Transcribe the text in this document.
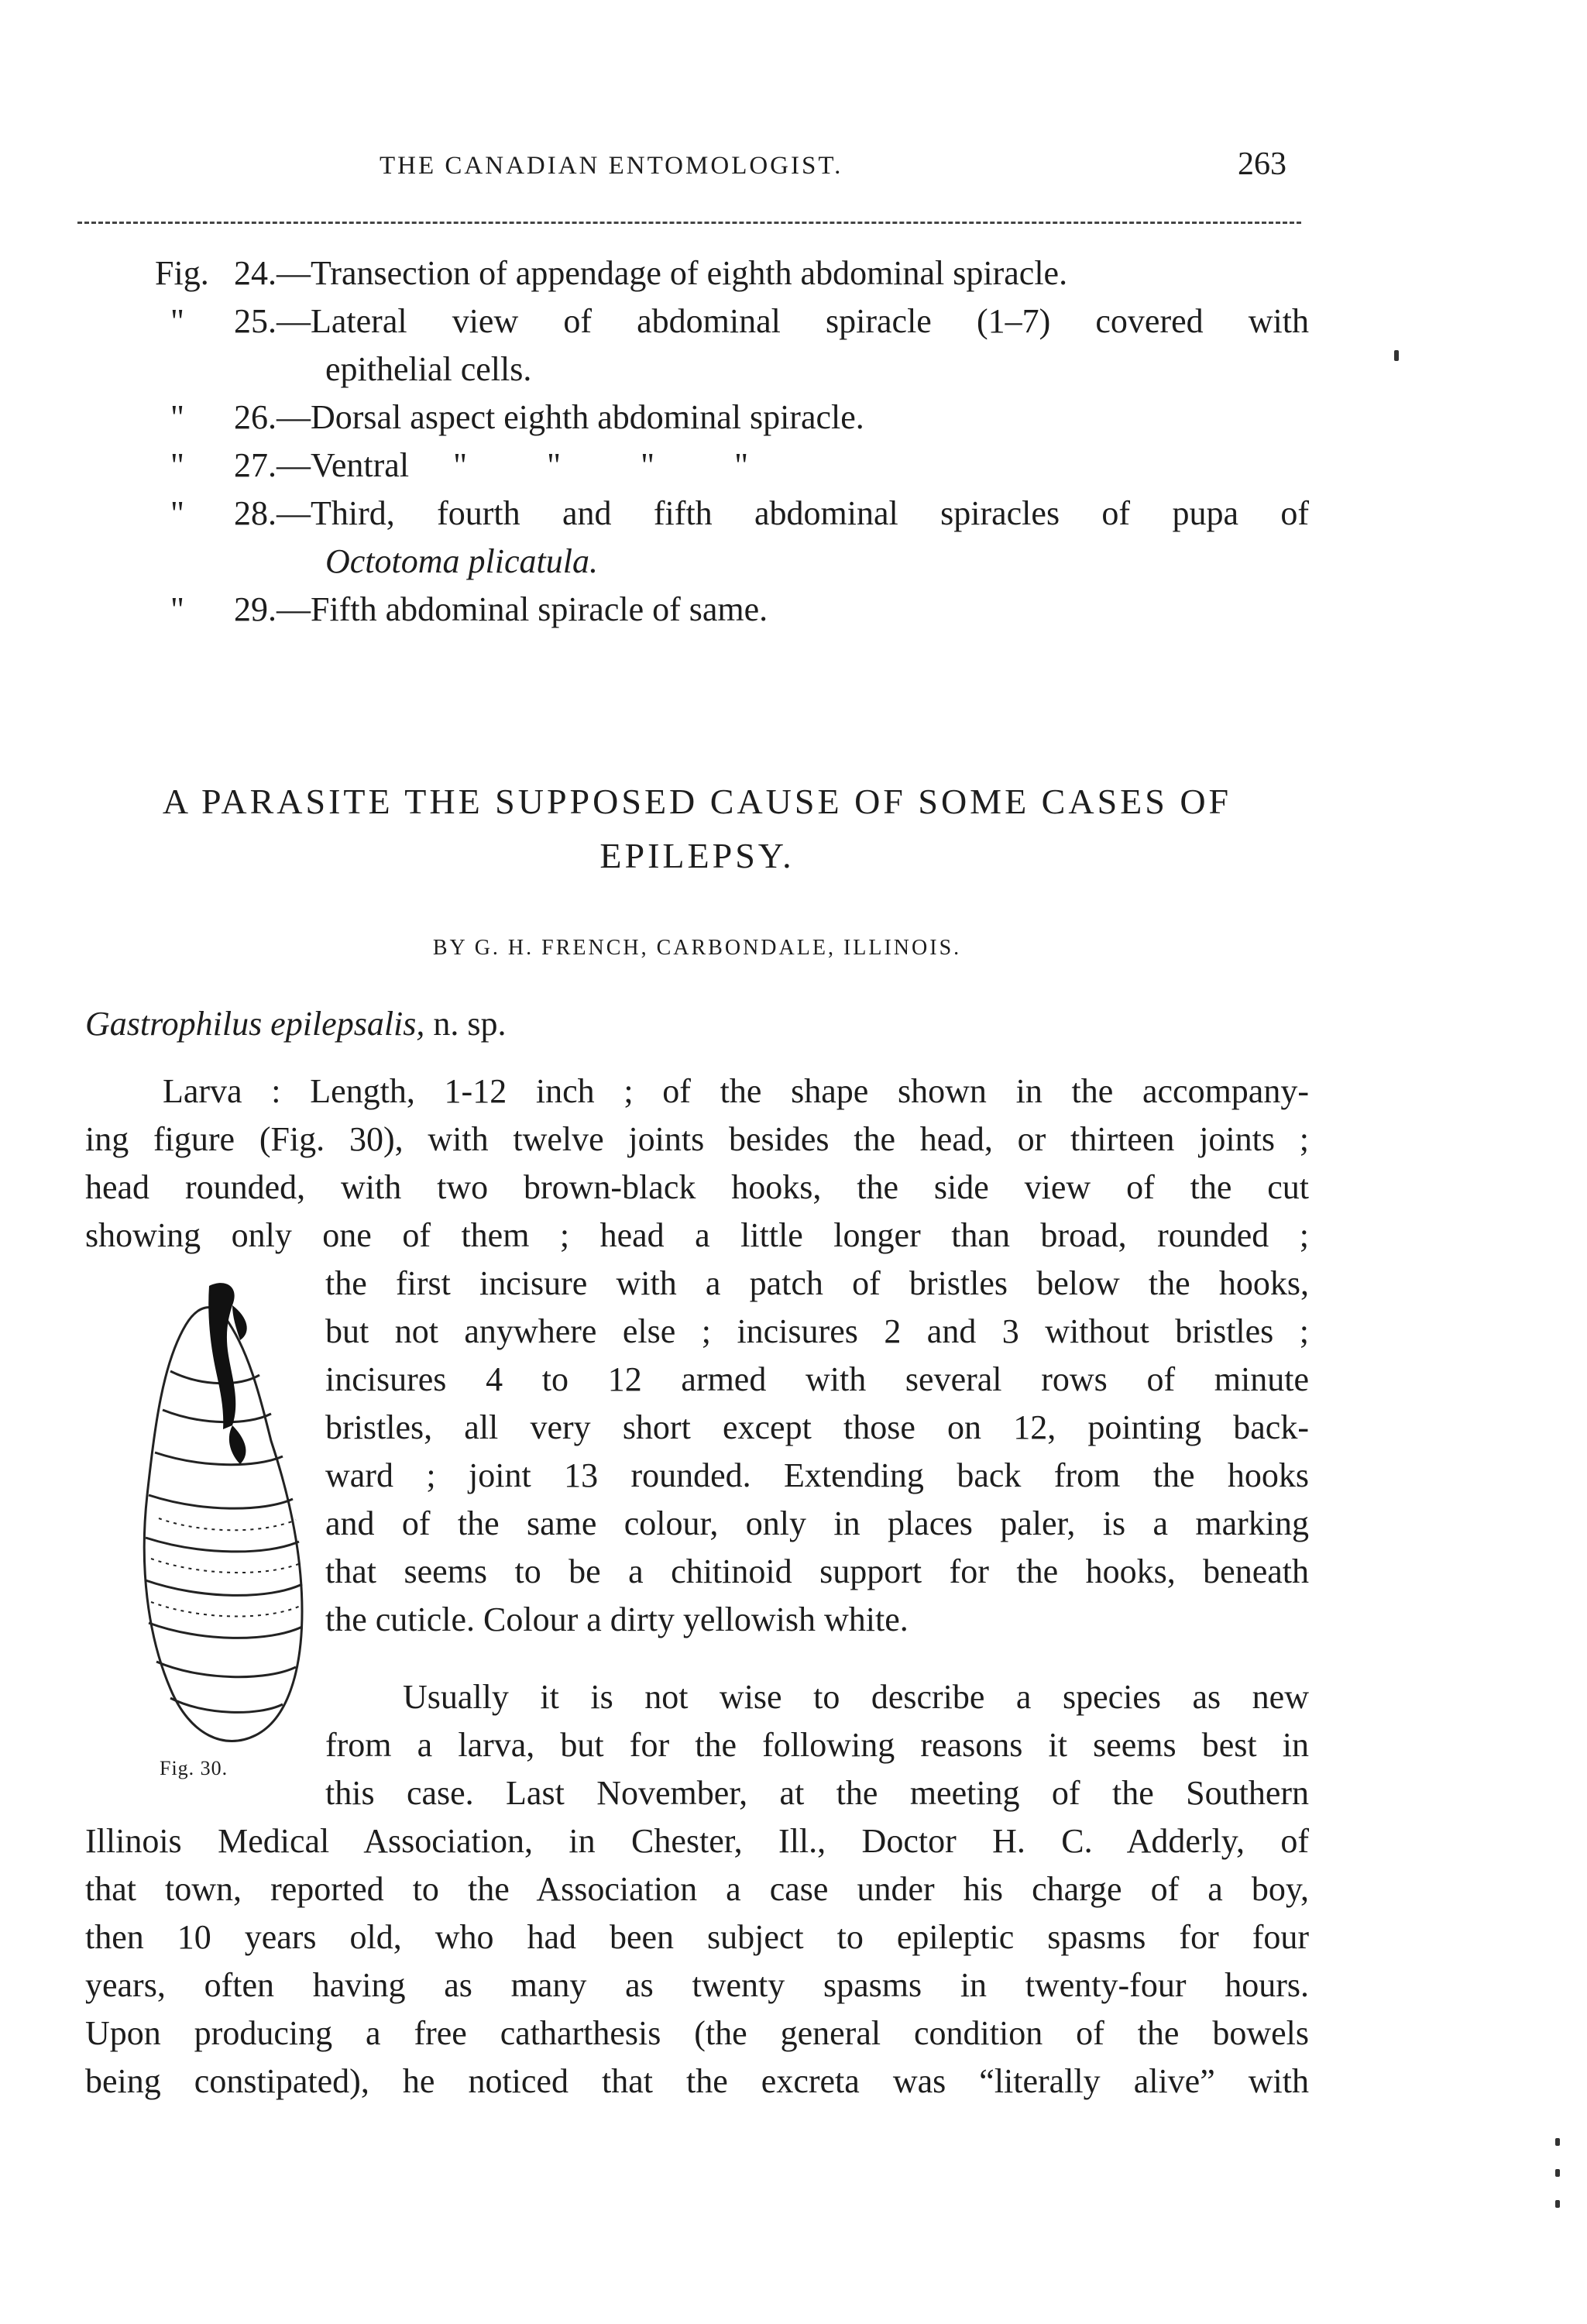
THE CANADIAN ENTOMOLOGIST.	263
Fig. 24.—Transection of appendage of eighth abdominal spiracle.
"	25.—Lateral view of abdominal spiracle (1–7) covered with
epithelial cells.
"	26.—Dorsal aspect eighth abdominal spiracle.
"	27.—Ventral " " " "
"	28.—Third, fourth and fifth abdominal spiracles of pupa of
Octotoma plicatula.
"	29.—Fifth abdominal spiracle of same.
A PARASITE THE SUPPOSED CAUSE OF SOME CASES OF
EPILEPSY.
BY G. H. FRENCH, CARBONDALE, ILLINOIS.
Gastrophilus epilepsalis, n. sp.
Larva : Length, 1-12 inch ; of the shape shown in the accompany-
ing figure (Fig. 30), with twelve joints besides the head, or thirteen joints ;
head rounded, with two brown-black hooks, the side view of the cut
showing only one of them ; head a little longer than broad, rounded ;
the first incisure with a patch of bristles below the hooks,
but not anywhere else ; incisures 2 and 3 without bristles ;
incisures 4 to 12 armed with several rows of minute
bristles, all very short except those on 12, pointing back-
ward ; joint 13 rounded. Extending back from the hooks
and of the same colour, only in places paler, is a marking
that seems to be a chitinoid support for the hooks, beneath
the cuticle. Colour a dirty yellowish white.
Usually it is not wise to describe a species as new
from a larva, but for the following reasons it seems best in
this case. Last November, at the meeting of the Southern
Illinois Medical Association, in Chester, Ill., Doctor H. C. Adderly, of
that town, reported to the Association a case under his charge of a boy,
then 10 years old, who had been subject to epileptic spasms for four
years, often having as many as twenty spasms in twenty-four hours.
Upon producing a free catharthesis (the general condition of the bowels
being constipated), he noticed that the excreta was “literally alive” with
Fig. 30.
